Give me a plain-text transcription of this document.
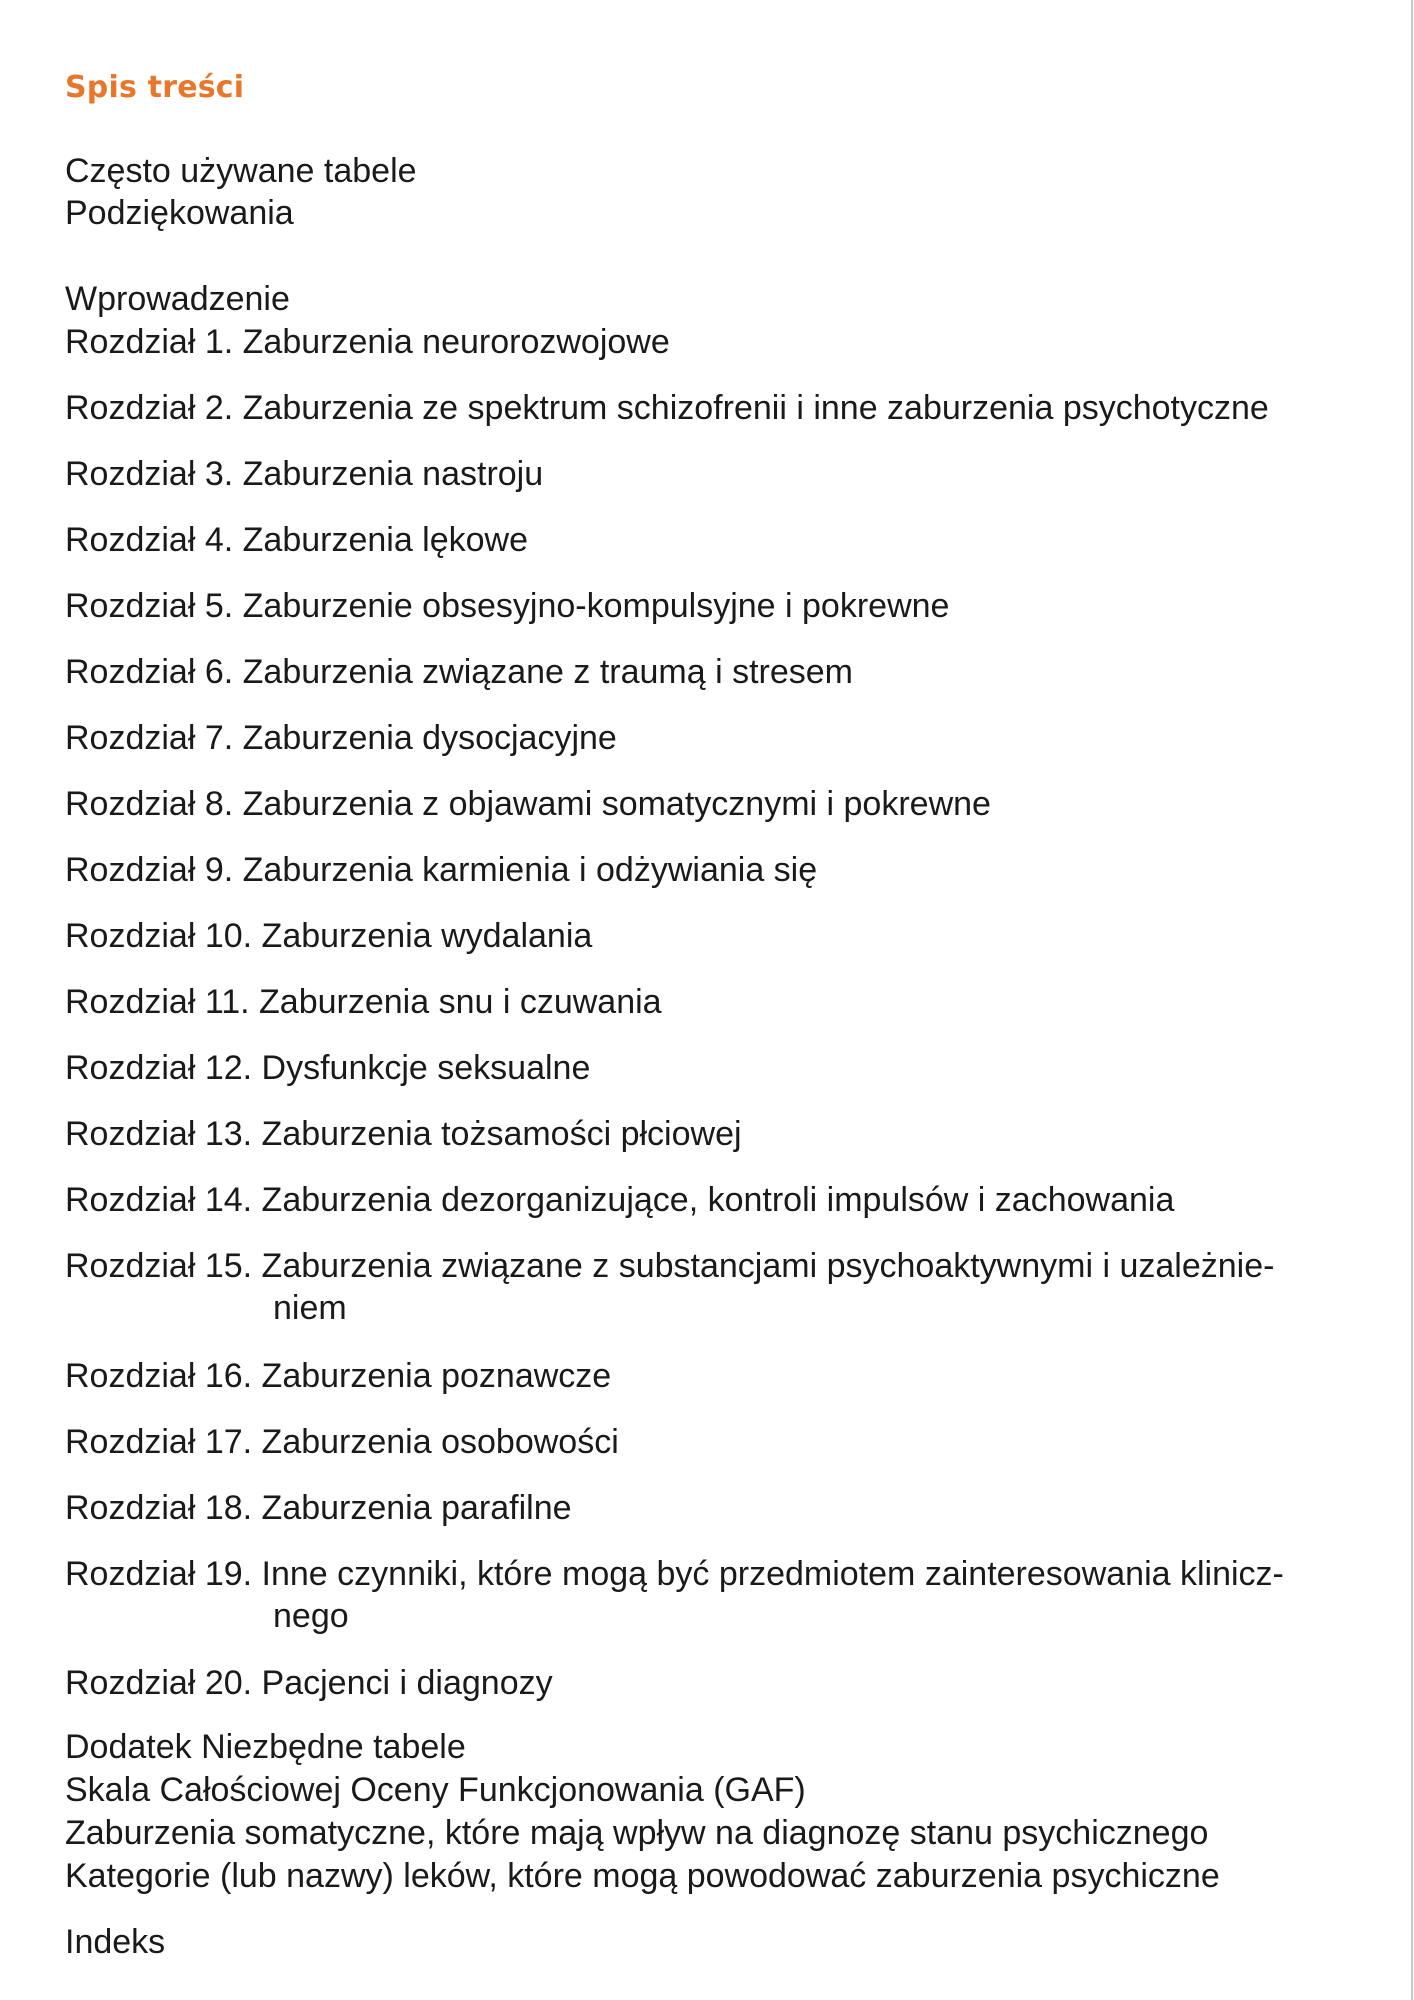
Spis treści
Często używane tabele
Podziękowania
Wprowadzenie
Rozdział 1. Zaburzenia neurorozwojowe
Rozdział 2. Zaburzenia ze spektrum schizofrenii i inne zaburzenia psychotyczne
Rozdział 3. Zaburzenia nastroju
Rozdział 4. Zaburzenia lękowe
Rozdział 5. Zaburzenie obsesyjno-kompulsyjne i pokrewne
Rozdział 6. Zaburzenia związane z traumą i stresem
Rozdział 7. Zaburzenia dysocjacyjne
Rozdział 8. Zaburzenia z objawami somatycznymi i pokrewne
Rozdział 9. Zaburzenia karmienia i odżywiania się
Rozdział 10. Zaburzenia wydalania
Rozdział 11. Zaburzenia snu i czuwania
Rozdział 12. Dysfunkcje seksualne
Rozdział 13. Zaburzenia tożsamości płciowej
Rozdział 14. Zaburzenia dezorganizujące, kontroli impulsów i zachowania
Rozdział 15. Zaburzenia związane z substancjami psychoaktywnymi i uzależnie-
niem
Rozdział 16. Zaburzenia poznawcze
Rozdział 17. Zaburzenia osobowości
Rozdział 18. Zaburzenia parafilne
Rozdział 19. Inne czynniki, które mogą być przedmiotem zainteresowania klinicz-
nego
Rozdział 20. Pacjenci i diagnozy
Dodatek Niezbędne tabele
Skala Całościowej Oceny Funkcjonowania (GAF)
Zaburzenia somatyczne, które mają wpływ na diagnozę stanu psychicznego
Kategorie (lub nazwy) leków, które mogą powodować zaburzenia psychiczne
Indeks
